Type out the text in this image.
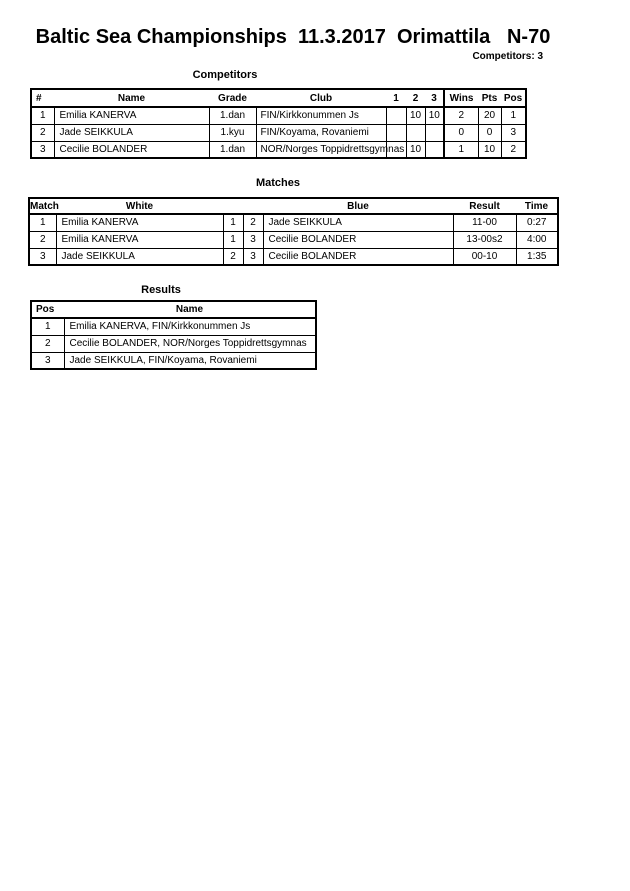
Baltic Sea Championships  11.3.2017  Orimattila   N-70
Competitors: 3
Competitors
#	Name	Grade	Club	1	2	3	Wins	Pts	Pos
1	Emilia KANERVA	1.dan	FIN/Kirkkonummen Js		10	10	2	20	1
2	Jade SEIKKULA	1.kyu	FIN/Koyama, Rovaniemi				0	0	3
3	Cecilie BOLANDER	1.dan	NOR/Norges Toppidrettsgymnas		10		1	10	2
Matches
Match	White			Blue	Result	Time
1	Emilia KANERVA	1	2	Jade SEIKKULA	11-00	0:27
2	Emilia KANERVA	1	3	Cecilie BOLANDER	13-00s2	4:00
3	Jade SEIKKULA	2	3	Cecilie BOLANDER	00-10	1:35
Results
Pos	Name
1	Emilia KANERVA, FIN/Kirkkonummen Js
2	Cecilie BOLANDER, NOR/Norges Toppidrettsgymnas
3	Jade SEIKKULA, FIN/Koyama, Rovaniemi
